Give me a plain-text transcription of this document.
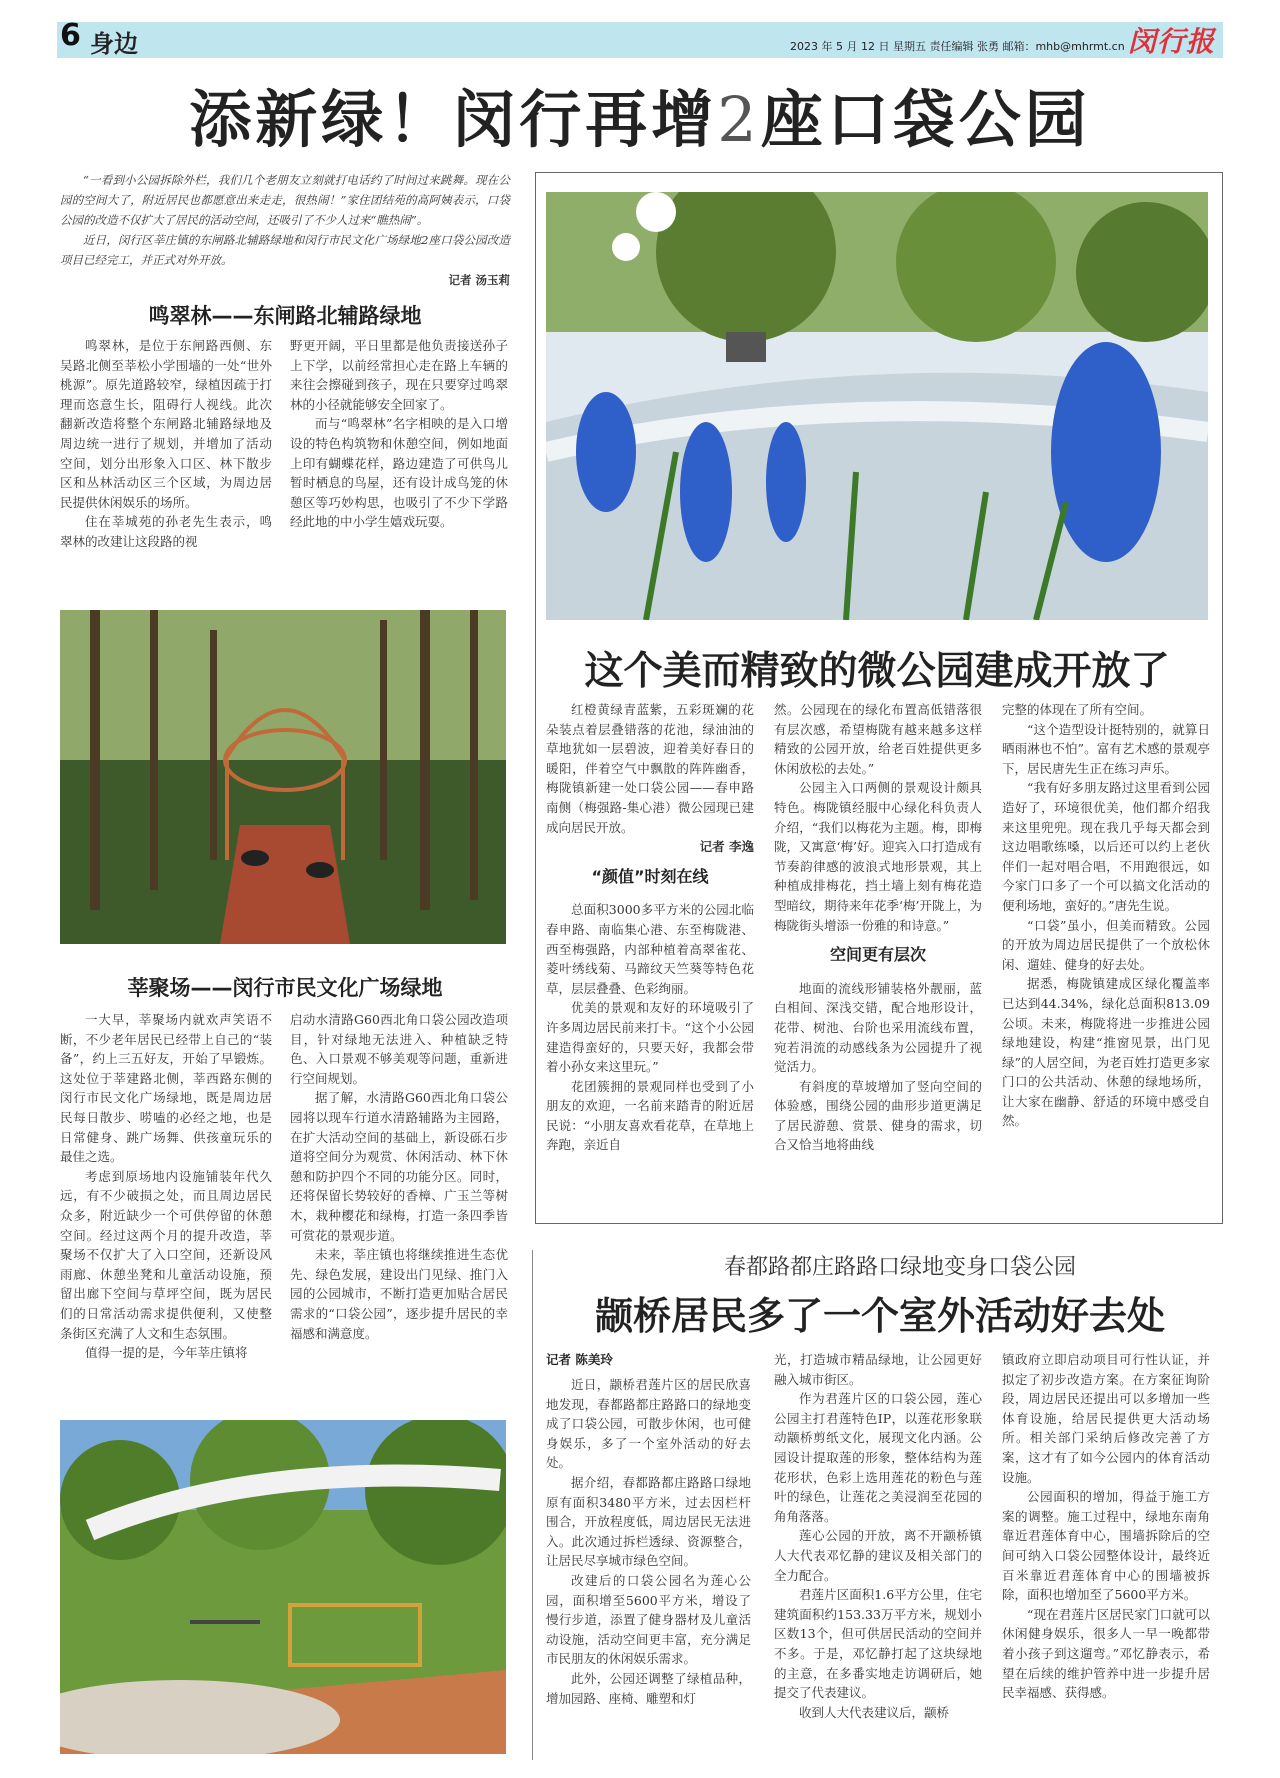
6 身边	2023 年 5 月 12 日 星期五 责任编辑 张勇 邮箱：mhb@mhrmt.cn 闵行报
添新绿！闵行再增2座口袋公园

“一看到小公园拆除外栏，我们几个老朋友立刻就打电话约了时间过来跳舞。现在公园的空间大了，附近居民也都愿意出来走走，很热闹！”家住团结苑的高阿姨表示，口袋公园的改造不仅扩大了居民的活动空间，还吸引了不少人过来“瞧热闹”。

近日，闵行区莘庄镇的东闸路北辅路绿地和闵行市民文化广场绿地2座口袋公园改造项目已经完工，并正式对外开放。

记者 汤玉莉
鸣翠林——东闸路北辅路绿地

鸣翠林，是位于东闸路西侧、东吴路北侧至莘松小学围墙的一处“世外桃源”。原先道路较窄，绿植因疏于打理而恣意生长，阻碍行人视线。此次翻新改造将整个东闸路北辅路绿地及周边统一进行了规划，并增加了活动空间，划分出形象入口区、林下散步区和丛林活动区三个区域，为周边居民提供休闲娱乐的场所。

住在莘城苑的孙老先生表示，鸣翠林的改建让这段路的视

野更开阔，平日里都是他负责接送孙子上下学，以前经常担心走在路上车辆的来往会擦碰到孩子，现在只要穿过鸣翠林的小径就能够安全回家了。

而与“鸣翠林”名字相映的是入口增设的特色构筑物和休憩空间，例如地面上印有蝴蝶花样，路边建造了可供鸟儿暂时栖息的鸟屋，还有设计成鸟笼的休憩区等巧妙构思，也吸引了不少下学路经此地的中小学生嬉戏玩耍。

莘聚场——闵行市民文化广场绿地

一大早，莘聚场内就欢声笑语不断，不少老年居民已经带上自己的“装备”，约上三五好友，开始了早锻炼。这处位于莘建路北侧，莘西路东侧的闵行市民文化广场绿地，既是周边居民每日散步、唠嗑的必经之地，也是日常健身、跳广场舞、供孩童玩乐的最佳之选。

考虑到原场地内设施铺装年代久远，有不少破损之处，而且周边居民众多，附近缺少一个可供停留的休憩空间。经过这两个月的提升改造，莘聚场不仅扩大了入口空间，还新设风雨廊、休憩坐凳和儿童活动设施，预留出廊下空间与草坪空间，既为居民们的日常活动需求提供便利，又使整条街区充满了人文和生态氛围。

值得一提的是，今年莘庄镇将

启动水清路G60西北角口袋公园改造项目，针对绿地无法进入、种植缺乏特色、入口景观不够美观等问题，重新进行空间规划。

据了解，水清路G60西北角口袋公园将以现车行道水清路辅路为主园路，在扩大活动空间的基础上，新设砾石步道将空间分为观赏、休闲活动、林下休憩和防护四个不同的功能分区。同时，还将保留长势较好的香樟、广玉兰等树木，栽种樱花和绿梅，打造一条四季皆可赏花的景观步道。

未来，莘庄镇也将继续推进生态优先、绿色发展，建设出门见绿、推门入园的公园城市，不断打造更加贴合居民需求的“口袋公园”，逐步提升居民的幸福感和满意度。

这个美而精致的微公园建成开放了

红橙黄绿青蓝紫，五彩斑斓的花朵装点着层叠错落的花池，绿油油的草地犹如一层碧波，迎着美好春日的暖阳，伴着空气中飘散的阵阵幽香，梅陇镇新建一处口袋公园——春申路南侧（梅强路-集心港）微公园现已建成向居民开放。

记者 李逸
“颜值”时刻在线

总面积3000多平方米的公园北临春申路、南临集心港、东至梅陇港、西至梅强路，内部种植着高翠雀花、菱叶绣线菊、马蹄纹天竺葵等特色花草，层层叠叠、色彩绚丽。

优美的景观和友好的环境吸引了许多周边居民前来打卡。“这个小公园建造得蛮好的，只要天好，我都会带着小孙女来这里玩。”

花团簇拥的景观同样也受到了小朋友的欢迎，一名前来踏青的附近居民说：“小朋友喜欢看花草，在草地上奔跑，亲近自

然。公园现在的绿化布置高低错落很有层次感，希望梅陇有越来越多这样精致的公园开放，给老百姓提供更多休闲放松的去处。”

公园主入口两侧的景观设计颇具特色。梅陇镇经服中心绿化科负责人介绍，“我们以梅花为主题。梅，即梅陇，又寓意‘梅’好。迎宾入口打造成有节奏韵律感的波浪式地形景观，其上种植成排梅花，挡土墙上刻有梅花造型暗纹，期待来年花季‘梅’开陇上，为梅陇街头增添一份雅的和诗意。”

空间更有层次

地面的流线形铺装格外靓丽，蓝白相间、深浅交错，配合地形设计，花带、树池、台阶也采用流线布置，宛若涓流的动感线条为公园提升了视觉活力。

有斜度的草坡增加了竖向空间的体验感，围绕公园的曲形步道更满足了居民游憩、赏景、健身的需求，切合又恰当地将曲线

完整的体现在了所有空间。

“这个造型设计挺特别的，就算日晒雨淋也不怕”。富有艺术感的景观亭下，居民唐先生正在练习声乐。

“我有好多朋友路过这里看到公园造好了，环境很优美，他们都介绍我来这里兜兜。现在我几乎每天都会到这边唱歌练嗓，以后还可以约上老伙伴们一起对唱合唱，不用跑很远，如今家门口多了一个可以搞文化活动的便利场地，蛮好的。”唐先生说。

“口袋”虽小，但美而精致。公园的开放为周边居民提供了一个放松休闲、遛娃、健身的好去处。

据悉，梅陇镇建成区绿化覆盖率已达到44.34%，绿化总面积813.09公顷。未来，梅陇将进一步推进公园绿地建设，构建“推窗见景，出门见绿”的人居空间，为老百姓打造更多家门口的公共活动、休憩的绿地场所，让大家在幽静、舒适的环境中感受自然。

春都路都庄路路口绿地变身口袋公园
颛桥居民多了一个室外活动好去处
记者 陈美玲

近日，颛桥君莲片区的居民欣喜地发现，春都路都庄路路口的绿地变成了口袋公园，可散步休闲，也可健身娱乐，多了一个室外活动的好去处。

据介绍，春都路都庄路路口绿地原有面积3480平方米，过去因栏杆围合，开放程度低，周边居民无法进入。此次通过拆栏透绿、资源整合，让居民尽享城市绿色空间。

改建后的口袋公园名为莲心公园，面积增至5600平方米，增设了慢行步道，添置了健身器材及儿童活动设施，活动空间更丰富，充分满足市民朋友的休闲娱乐需求。

此外，公园还调整了绿植品种，增加园路、座椅、雕塑和灯

光，打造城市精品绿地，让公园更好融入城市街区。

作为君莲片区的口袋公园，莲心公园主打君莲特色IP，以莲花形象联动颛桥剪纸文化，展现文化内涵。公园设计提取莲的形象，整体结构为莲花形状，色彩上选用莲花的粉色与莲叶的绿色，让莲花之美浸润至花园的角角落落。

莲心公园的开放，离不开颛桥镇人大代表邓忆静的建议及相关部门的全力配合。

君莲片区面积1.6平方公里，住宅建筑面积约153.33万平方米，规划小区数13个，但可供居民活动的空间并不多。于是，邓忆静打起了这块绿地的主意，在多番实地走访调研后，她提交了代表建议。

收到人大代表建议后，颛桥

镇政府立即启动项目可行性认证，并拟定了初步改造方案。在方案征询阶段，周边居民还提出可以多增加一些体育设施，给居民提供更大活动场所。相关部门采纳后修改完善了方案，这才有了如今公园内的体育活动设施。

公园面积的增加，得益于施工方案的调整。施工过程中，绿地东南角靠近君莲体育中心，围墙拆除后的空间可纳入口袋公园整体设计，最终近百米靠近君莲体育中心的围墙被拆除，面积也增加至了5600平方米。

“现在君莲片区居民家门口就可以休闲健身娱乐，很多人一早一晚都带着小孩子到这遛弯。”邓忆静表示，希望在后续的维护管养中进一步提升居民幸福感、获得感。
